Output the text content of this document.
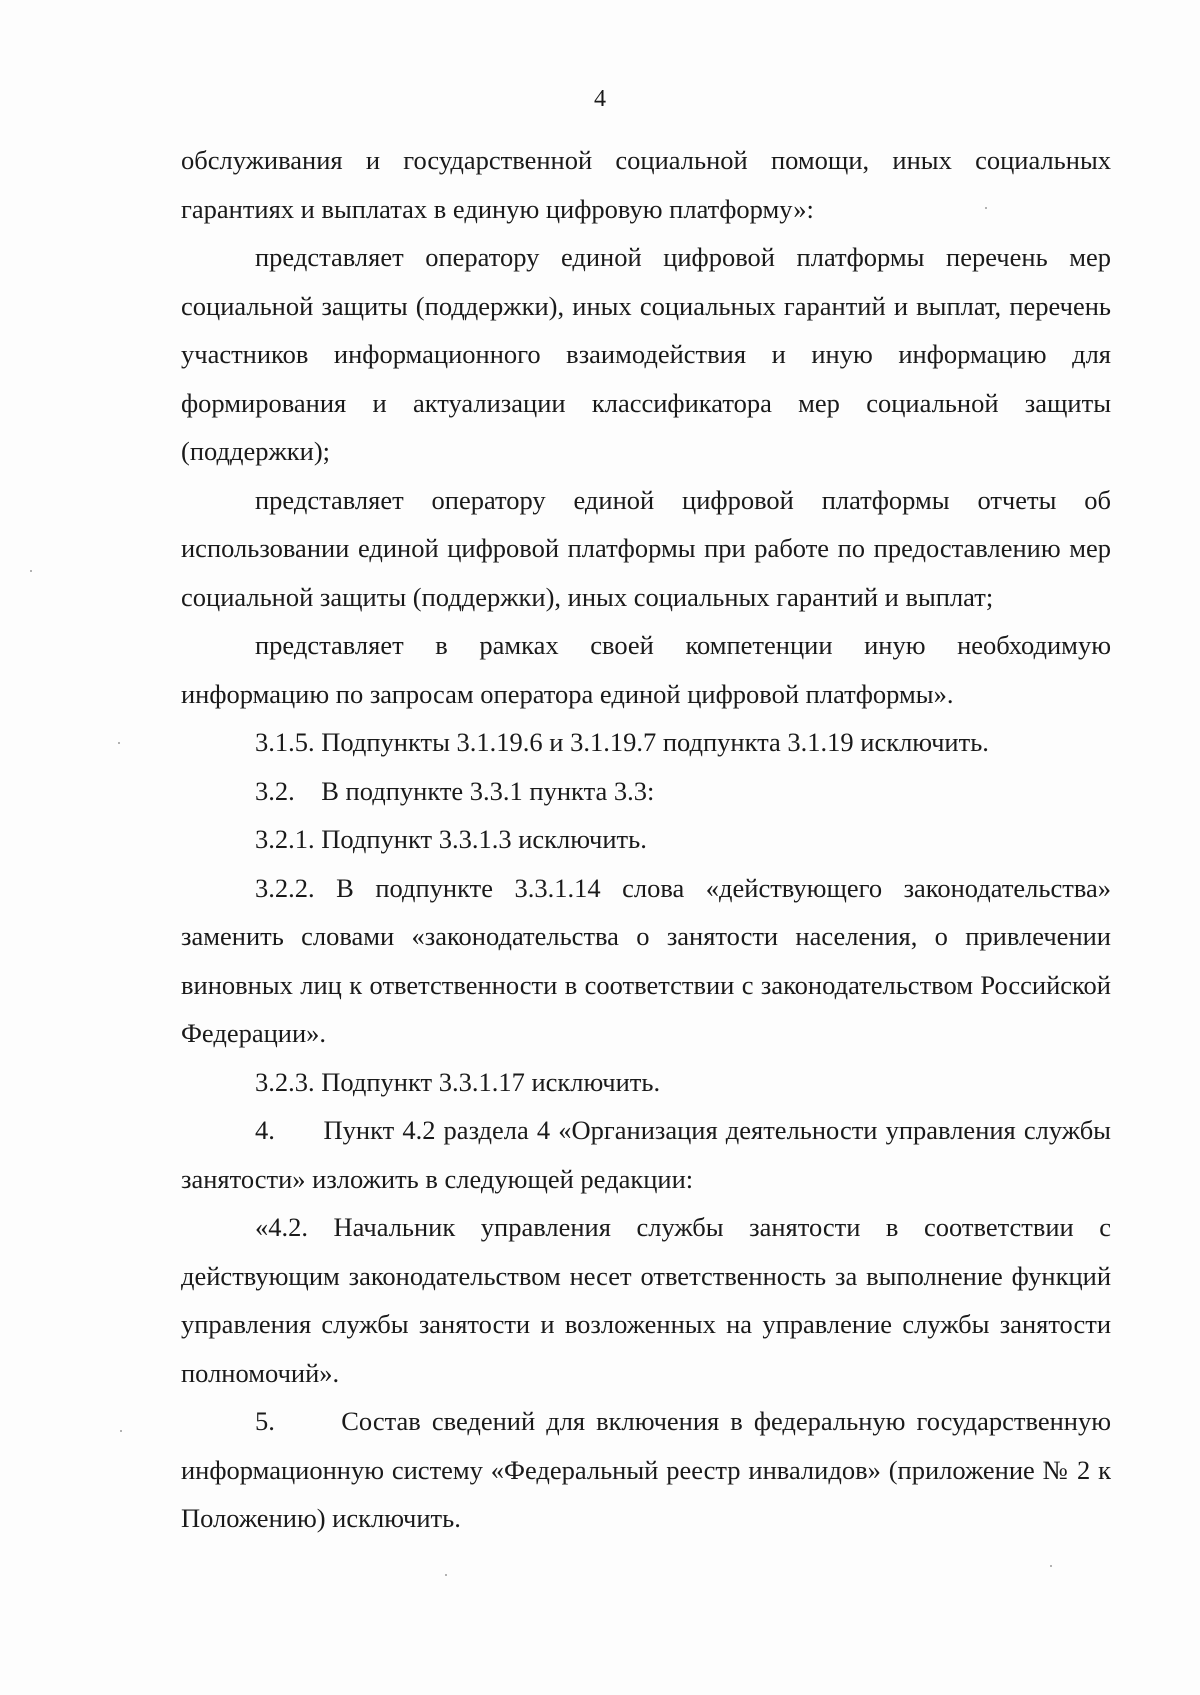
4

обслуживания и государственной социальной помощи, иных социальных гарантиях и выплатах в единую цифровую платформу»:

представляет оператору единой цифровой платформы перечень мер социальной защиты (поддержки), иных социальных гарантий и выплат, перечень участников информационного взаимодействия и иную информацию для формирования и актуализации классификатора мер социальной защиты (поддержки);

представляет оператору единой цифровой платформы отчеты об использовании единой цифровой платформы при работе по предоставлению мер социальной защиты (поддержки), иных социальных гарантий и выплат;

представляет в рамках своей компетенции иную необходимую информацию по запросам оператора единой цифровой платформы».

3.1.5. Подпункты 3.1.19.6 и 3.1.19.7 подпункта 3.1.19 исключить.

3.2.    В подпункте 3.3.1 пункта 3.3:

3.2.1. Подпункт 3.3.1.3 исключить.

3.2.2. В подпункте 3.3.1.14 слова «действующего законодательства» заменить словами «законодательства о занятости населения, о привлечении виновных лиц к ответственности в соответствии с законодательством Российской Федерации».

3.2.3. Подпункт 3.3.1.17 исключить.

4.      Пункт 4.2 раздела 4 «Организация деятельности управления службы занятости» изложить в следующей редакции:

«4.2. Начальник управления службы занятости в соответствии с действующим законодательством несет ответственность за выполнение функций управления службы занятости и возложенных на управление службы занятости полномочий».

5.      Состав сведений для включения в федеральную государственную информационную систему «Федеральный реестр инвалидов» (приложение № 2 к Положению) исключить.
